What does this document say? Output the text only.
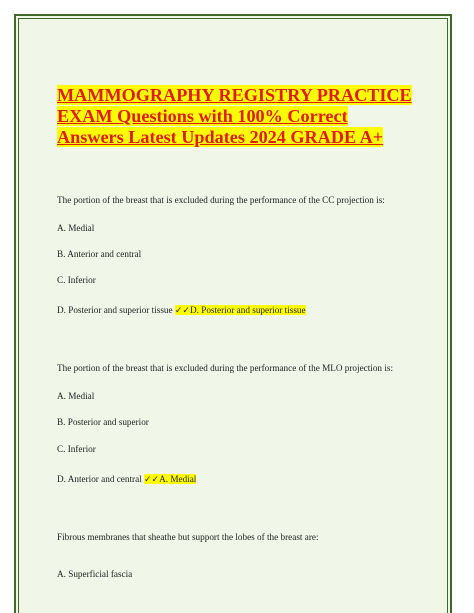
MAMMOGRAPHY REGISTRY PRACTICE
EXAM Questions with 100% Correct
Answers Latest Updates 2024 GRADE A+

The portion of the breast that is excluded during the performance of the CC projection is:

A. Medial

B. Anterior and central

C. Inferior

D. Posterior and superior tissue ✓✓D. Posterior and superior tissue

The portion of the breast that is excluded during the performance of the MLO projection is:

A. Medial

B. Posterior and superior

C. Inferior

D. Anterior and central ✓✓A. Medial

Fibrous membranes that sheathe but support the lobes of the breast are:

A. Superficial fascia
